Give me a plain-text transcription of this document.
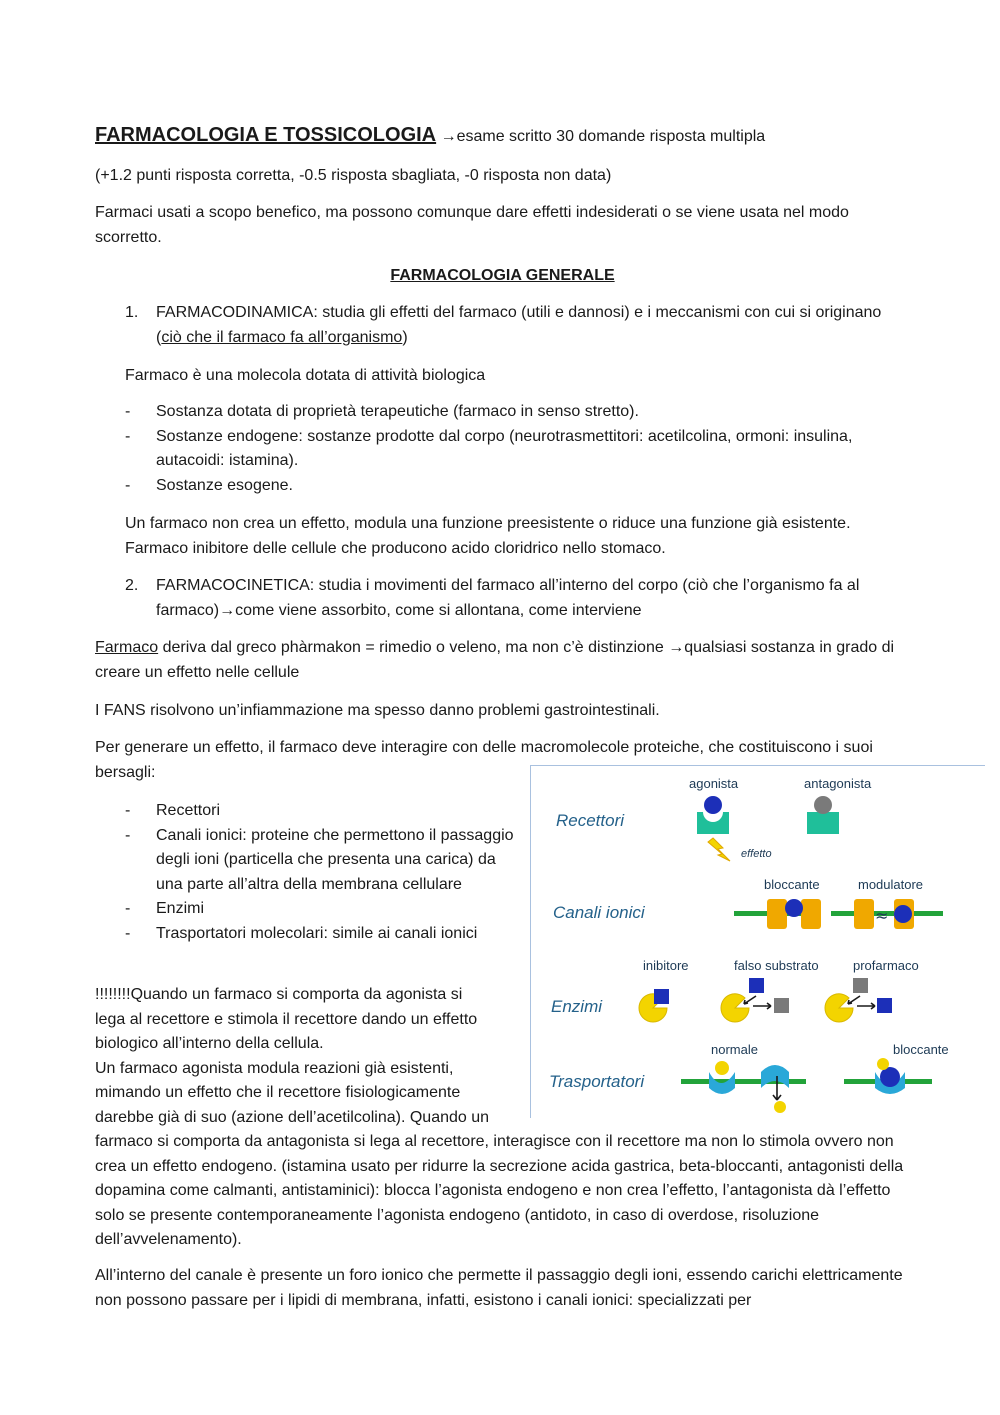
FARMACOLOGIA E TOSSICOLOGIA →esame scritto 30 domande risposta multipla

(+1.2 punti risposta corretta, -0.5 risposta sbagliata, -0 risposta non data)

Farmaci usati a scopo benefico, ma possono comunque dare effetti indesiderati o se viene usata nel modo scorretto.

FARMACOLOGIA GENERALE
1. FARMACODINAMICA: studia gli effetti del farmaco (utili e dannosi) e i meccanismi con cui si originano (ciò che il farmaco fa all’organismo)

Farmaco è una molecola dotata di attività biologica

- Sostanza dotata di proprietà terapeutiche (farmaco in senso stretto).
- Sostanze endogene: sostanze prodotte dal corpo (neurotrasmettitori: acetilcolina, ormoni: insulina, autacoidi: istamina).
- Sostanze esogene.

Un farmaco non crea un effetto, modula una funzione preesistente o riduce una funzione già esistente. Farmaco inibitore delle cellule che producono acido cloridrico nello stomaco.

2. FARMACOCINETICA: studia i movimenti del farmaco all’interno del corpo (ciò che l’organismo fa al farmaco)→come viene assorbito, come si allontana, come interviene

Farmaco deriva dal greco phàrmakon = rimedio o veleno, ma non c’è distinzione →qualsiasi sostanza in grado di creare un effetto nelle cellule

I FANS risolvono un’infiammazione ma spesso danno problemi gastrointestinali.

Per generare un effetto, il farmaco deve interagire con delle macromolecole proteiche, che costituiscono i suoi bersagli:

- Recettori
- Canali ionici: proteine che permettono il passaggio degli ioni (particella che presenta una carica) da una parte all’altra della membrana cellulare
- Enzimi
- Trasportatori molecolari: simile ai canali ionici
!!!!!!!!Quando un farmaco si comporta da agonista si
lega al recettore e stimola il recettore dando un effetto
biologico all’interno della cellula.
Un farmaco agonista modula reazioni già esistenti,
mimando un effetto che il recettore fisiologicamente
darebbe già di suo (azione dell’acetilcolina). Quando un

farmaco si comporta da antagonista si lega al recettore, interagisce con il recettore ma non lo stimola ovvero non crea un effetto endogeno. (istamina usato per ridurre la secrezione acida gastrica, beta-bloccanti, antagonisti della dopamina come calmanti, antistaminici): blocca l’agonista endogeno e non crea l’effetto, l’antagonista dà l’effetto solo se presente contemporaneamente l’agonista endogeno (antidoto, in caso di overdose, risoluzione dell’avvelenamento).

All’interno del canale è presente un foro ionico che permette il passaggio degli ioni, essendo carichi elettricamente non possono passare per i lipidi di membrana, infatti, esistono i canali ionici: specializzati per

Recettori
Canali ionici
Enzimi
Trasportatori
agonista	antagonista
effetto
bloccante	modulatore
≈
inibitore	falso substrato	profarmaco
normale	bloccante
